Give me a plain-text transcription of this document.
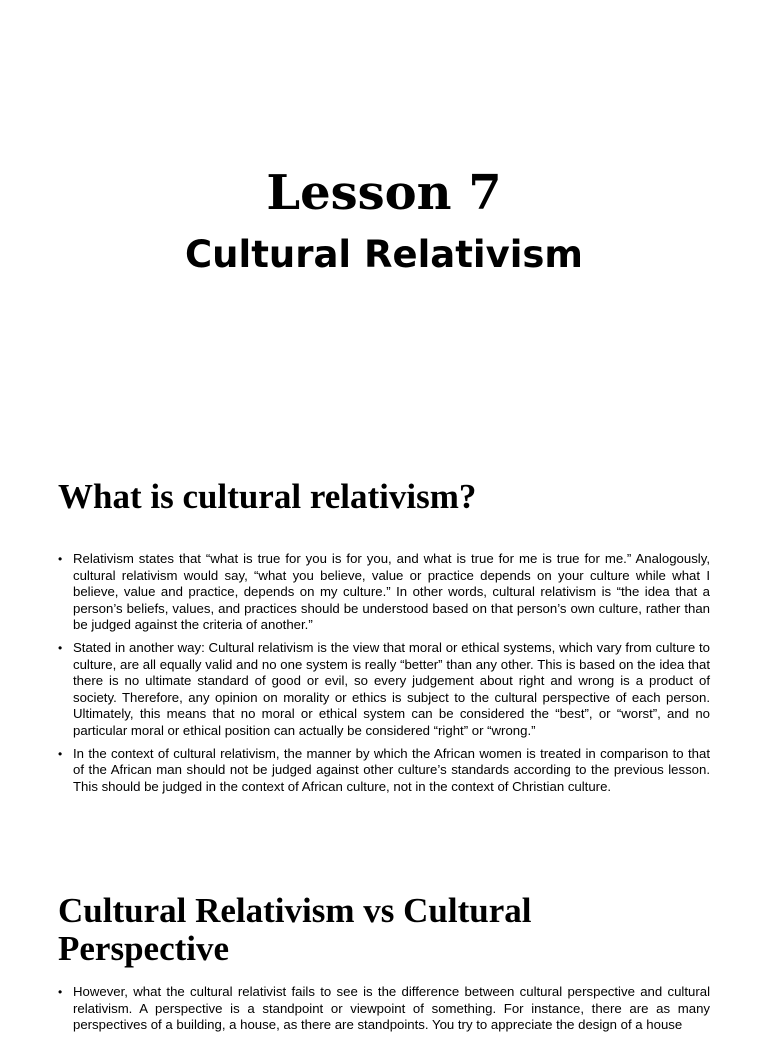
Lesson 7
Cultural Relativism
What is cultural relativism?
• Relativism states that “what is true for you is for you, and what is true for me is true for me.” Analogously, cultural relativism would say, “what you believe, value or practice depends on your culture while what I believe, value and practice, depends on my culture.” In other words, cultural relativism is “the idea that a person’s beliefs, values, and practices should be understood based on that person’s own culture, rather than be judged against the criteria of another.”
• Stated in another way: Cultural relativism is the view that moral or ethical systems, which vary from culture to culture, are all equally valid and no one system is really “better” than any other. This is based on the idea that there is no ultimate standard of good or evil, so every judgement about right and wrong is a product of society. Therefore, any opinion on morality or ethics is subject to the cultural perspective of each person. Ultimately, this means that no moral or ethical system can be considered the “best”, or “worst”, and no particular moral or ethical position can actually be considered “right” or “wrong.”
• In the context of cultural relativism, the manner by which the African women is treated in comparison to that of the African man should not be judged against other culture’s standards according to the previous lesson. This should be judged in the context of African culture, not in the context of Christian culture.
Cultural Relativism vs Cultural Perspective
• However, what the cultural relativist fails to see is the difference between cultural perspective and cultural relativism. A perspective is a standpoint or viewpoint of something. For instance, there are as many perspectives of a building, a house, as there are standpoints. You try to appreciate the design of a house
